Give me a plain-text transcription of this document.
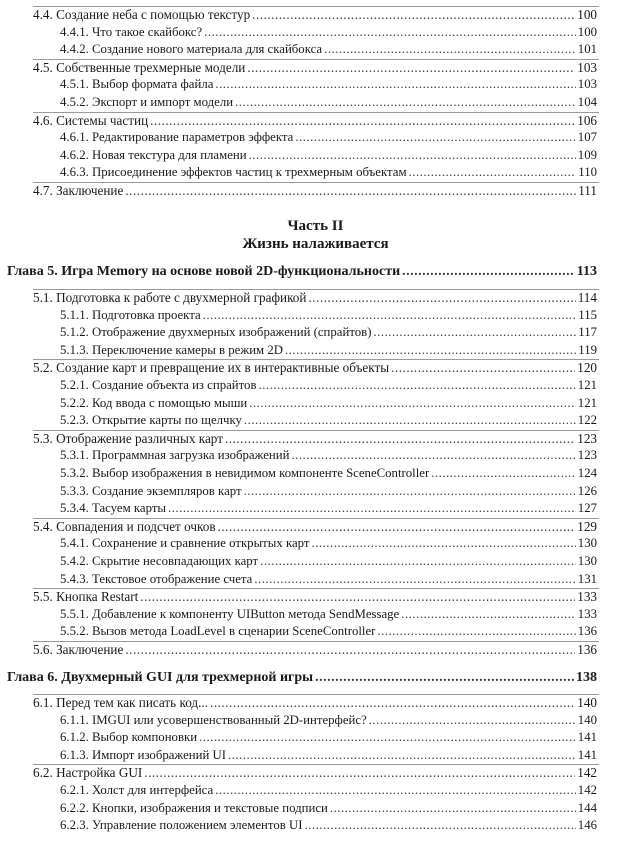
4.4. Создание неба с помощью текстур .....	100
4.4.1. Что такое скайбокс? .....	100
4.4.2. Создание нового материала для скайбокса .....	101
4.5. Собственные трехмерные модели .....	103
4.5.1. Выбор формата файла .....	103
4.5.2. Экспорт и импорт модели .....	104
4.6. Системы частиц .....	106
4.6.1. Редактирование параметров эффекта .....	107
4.6.2. Новая текстура для пламени .....	109
4.6.3. Присоединение эффектов частиц к трехмерным объектам .....	110
4.7. Заключение .....	111
Часть II
Жизнь налаживается
Глава 5. Игра Memory на основе новой 2D-функциональности .....	113
5.1. Подготовка к работе с двухмерной графикой .....	114
5.1.1. Подготовка проекта .....	115
5.1.2. Отображение двухмерных изображений (спрайтов) .....	117
5.1.3. Переключение камеры в режим 2D .....	119
5.2. Создание карт и превращение их в интерактивные объекты .....	120
5.2.1. Создание объекта из спрайтов .....	121
5.2.2. Код ввода с помощью мыши .....	121
5.2.3. Открытие карты по щелчку .....	122
5.3. Отображение различных карт .....	123
5.3.1. Программная загрузка изображений .....	123
5.3.2. Выбор изображения в невидимом компоненте SceneController .....	124
5.3.3. Создание экземпляров карт .....	126
5.3.4. Тасуем карты .....	127
5.4. Совпадения и подсчет очков .....	129
5.4.1. Сохранение и сравнение открытых карт .....	130
5.4.2. Скрытие несовпадающих карт .....	130
5.4.3. Текстовое отображение счета .....	131
5.5. Кнопка Restart .....	133
5.5.1. Добавление к компоненту UIButton метода SendMessage .....	133
5.5.2. Вызов метода LoadLevel в сценарии SceneController .....	136
5.6. Заключение .....	136
Глава 6. Двухмерный GUI для трехмерной игры .....	138
6.1. Перед тем как писать код... .....	140
6.1.1. IMGUI или усовершенствованный 2D-интерфейс? .....	140
6.1.2. Выбор компоновки .....	141
6.1.3. Импорт изображений UI .....	141
6.2. Настройка GUI .....	142
6.2.1. Холст для интерфейса .....	142
6.2.2. Кнопки, изображения и текстовые подписи .....	144
6.2.3. Управление положением элементов UI .....	146
